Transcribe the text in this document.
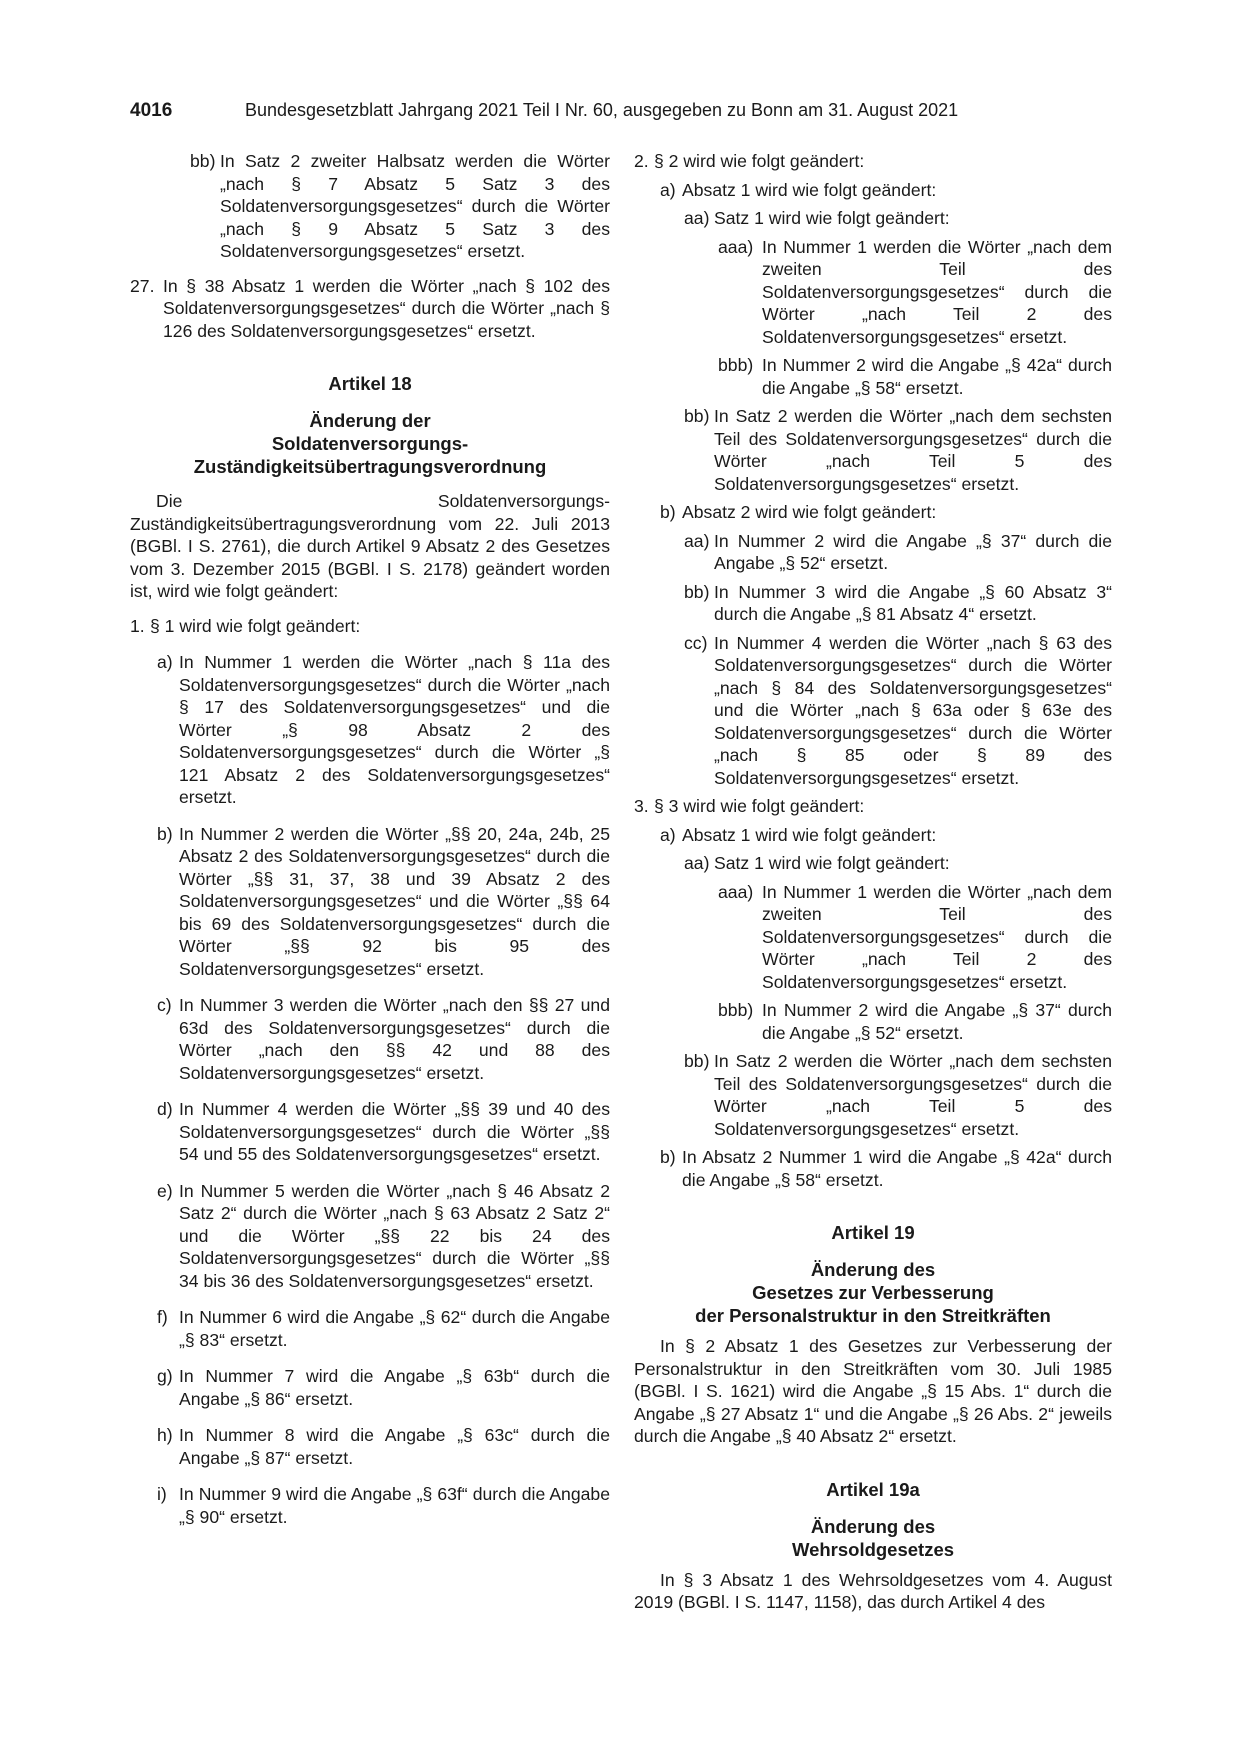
4016	Bundesgesetzblatt Jahrgang 2021 Teil I Nr. 60, ausgegeben zu Bonn am 31. August 2021
bb) In Satz 2 zweiter Halbsatz werden die Wörter „nach § 7 Absatz 5 Satz 3 des Soldatenversorgungsgesetzes“ durch die Wörter „nach § 9 Absatz 5 Satz 3 des Soldatenversorgungsgesetzes“ ersetzt.
27. In § 38 Absatz 1 werden die Wörter „nach § 102 des Soldatenversorgungsgesetzes“ durch die Wörter „nach § 126 des Soldatenversorgungsgesetzes“ ersetzt.
Artikel 18
Änderung der
Soldatenversorgungs-
Zuständigkeitsübertragungsverordnung
Die Soldatenversorgungs-Zuständigkeitsübertragungsverordnung vom 22. Juli 2013 (BGBl. I S. 2761), die durch Artikel 9 Absatz 2 des Gesetzes vom 3. Dezember 2015 (BGBl. I S. 2178) geändert worden ist, wird wie folgt geändert:
1. § 1 wird wie folgt geändert:
a) In Nummer 1 werden die Wörter „nach § 11a des Soldatenversorgungsgesetzes“ durch die Wörter „nach § 17 des Soldatenversorgungsgesetzes“ und die Wörter „§ 98 Absatz 2 des Soldatenversorgungsgesetzes“ durch die Wörter „§ 121 Absatz 2 des Soldatenversorgungsgesetzes“ ersetzt.
b) In Nummer 2 werden die Wörter „§§ 20, 24a, 24b, 25 Absatz 2 des Soldatenversorgungsgesetzes“ durch die Wörter „§§ 31, 37, 38 und 39 Absatz 2 des Soldatenversorgungsgesetzes“ und die Wörter „§§ 64 bis 69 des Soldatenversorgungsgesetzes“ durch die Wörter „§§ 92 bis 95 des Soldatenversorgungsgesetzes“ ersetzt.
c) In Nummer 3 werden die Wörter „nach den §§ 27 und 63d des Soldatenversorgungsgesetzes“ durch die Wörter „nach den §§ 42 und 88 des Soldatenversorgungsgesetzes“ ersetzt.
d) In Nummer 4 werden die Wörter „§§ 39 und 40 des Soldatenversorgungsgesetzes“ durch die Wörter „§§ 54 und 55 des Soldatenversorgungsgesetzes“ ersetzt.
e) In Nummer 5 werden die Wörter „nach § 46 Absatz 2 Satz 2“ durch die Wörter „nach § 63 Absatz 2 Satz 2“ und die Wörter „§§ 22 bis 24 des Soldatenversorgungsgesetzes“ durch die Wörter „§§ 34 bis 36 des Soldatenversorgungsgesetzes“ ersetzt.
f) In Nummer 6 wird die Angabe „§ 62“ durch die Angabe „§ 83“ ersetzt.
g) In Nummer 7 wird die Angabe „§ 63b“ durch die Angabe „§ 86“ ersetzt.
h) In Nummer 8 wird die Angabe „§ 63c“ durch die Angabe „§ 87“ ersetzt.
i) In Nummer 9 wird die Angabe „§ 63f“ durch die Angabe „§ 90“ ersetzt.
2. § 2 wird wie folgt geändert:
a) Absatz 1 wird wie folgt geändert:
aa) Satz 1 wird wie folgt geändert:
aaa) In Nummer 1 werden die Wörter „nach dem zweiten Teil des Soldatenversorgungsgesetzes“ durch die Wörter „nach Teil 2 des Soldatenversorgungsgesetzes“ ersetzt.
bbb) In Nummer 2 wird die Angabe „§ 42a“ durch die Angabe „§ 58“ ersetzt.
bb) In Satz 2 werden die Wörter „nach dem sechsten Teil des Soldatenversorgungsgesetzes“ durch die Wörter „nach Teil 5 des Soldatenversorgungsgesetzes“ ersetzt.
b) Absatz 2 wird wie folgt geändert:
aa) In Nummer 2 wird die Angabe „§ 37“ durch die Angabe „§ 52“ ersetzt.
bb) In Nummer 3 wird die Angabe „§ 60 Absatz 3“ durch die Angabe „§ 81 Absatz 4“ ersetzt.
cc) In Nummer 4 werden die Wörter „nach § 63 des Soldatenversorgungsgesetzes“ durch die Wörter „nach § 84 des Soldatenversorgungsgesetzes“ und die Wörter „nach § 63a oder § 63e des Soldatenversorgungsgesetzes“ durch die Wörter „nach § 85 oder § 89 des Soldatenversorgungsgesetzes“ ersetzt.
3. § 3 wird wie folgt geändert:
a) Absatz 1 wird wie folgt geändert:
aa) Satz 1 wird wie folgt geändert:
aaa) In Nummer 1 werden die Wörter „nach dem zweiten Teil des Soldatenversorgungsgesetzes“ durch die Wörter „nach Teil 2 des Soldatenversorgungsgesetzes“ ersetzt.
bbb) In Nummer 2 wird die Angabe „§ 37“ durch die Angabe „§ 52“ ersetzt.
bb) In Satz 2 werden die Wörter „nach dem sechsten Teil des Soldatenversorgungsgesetzes“ durch die Wörter „nach Teil 5 des Soldatenversorgungsgesetzes“ ersetzt.
b) In Absatz 2 Nummer 1 wird die Angabe „§ 42a“ durch die Angabe „§ 58“ ersetzt.
Artikel 19
Änderung des
Gesetzes zur Verbesserung
der Personalstruktur in den Streitkräften
In § 2 Absatz 1 des Gesetzes zur Verbesserung der Personalstruktur in den Streitkräften vom 30. Juli 1985 (BGBl. I S. 1621) wird die Angabe „§ 15 Abs. 1“ durch die Angabe „§ 27 Absatz 1“ und die Angabe „§ 26 Abs. 2“ jeweils durch die Angabe „§ 40 Absatz 2“ ersetzt.
Artikel 19a
Änderung des
Wehrsoldgesetzes
In § 3 Absatz 1 des Wehrsoldgesetzes vom 4. August 2019 (BGBl. I S. 1147, 1158), das durch Artikel 4 des
